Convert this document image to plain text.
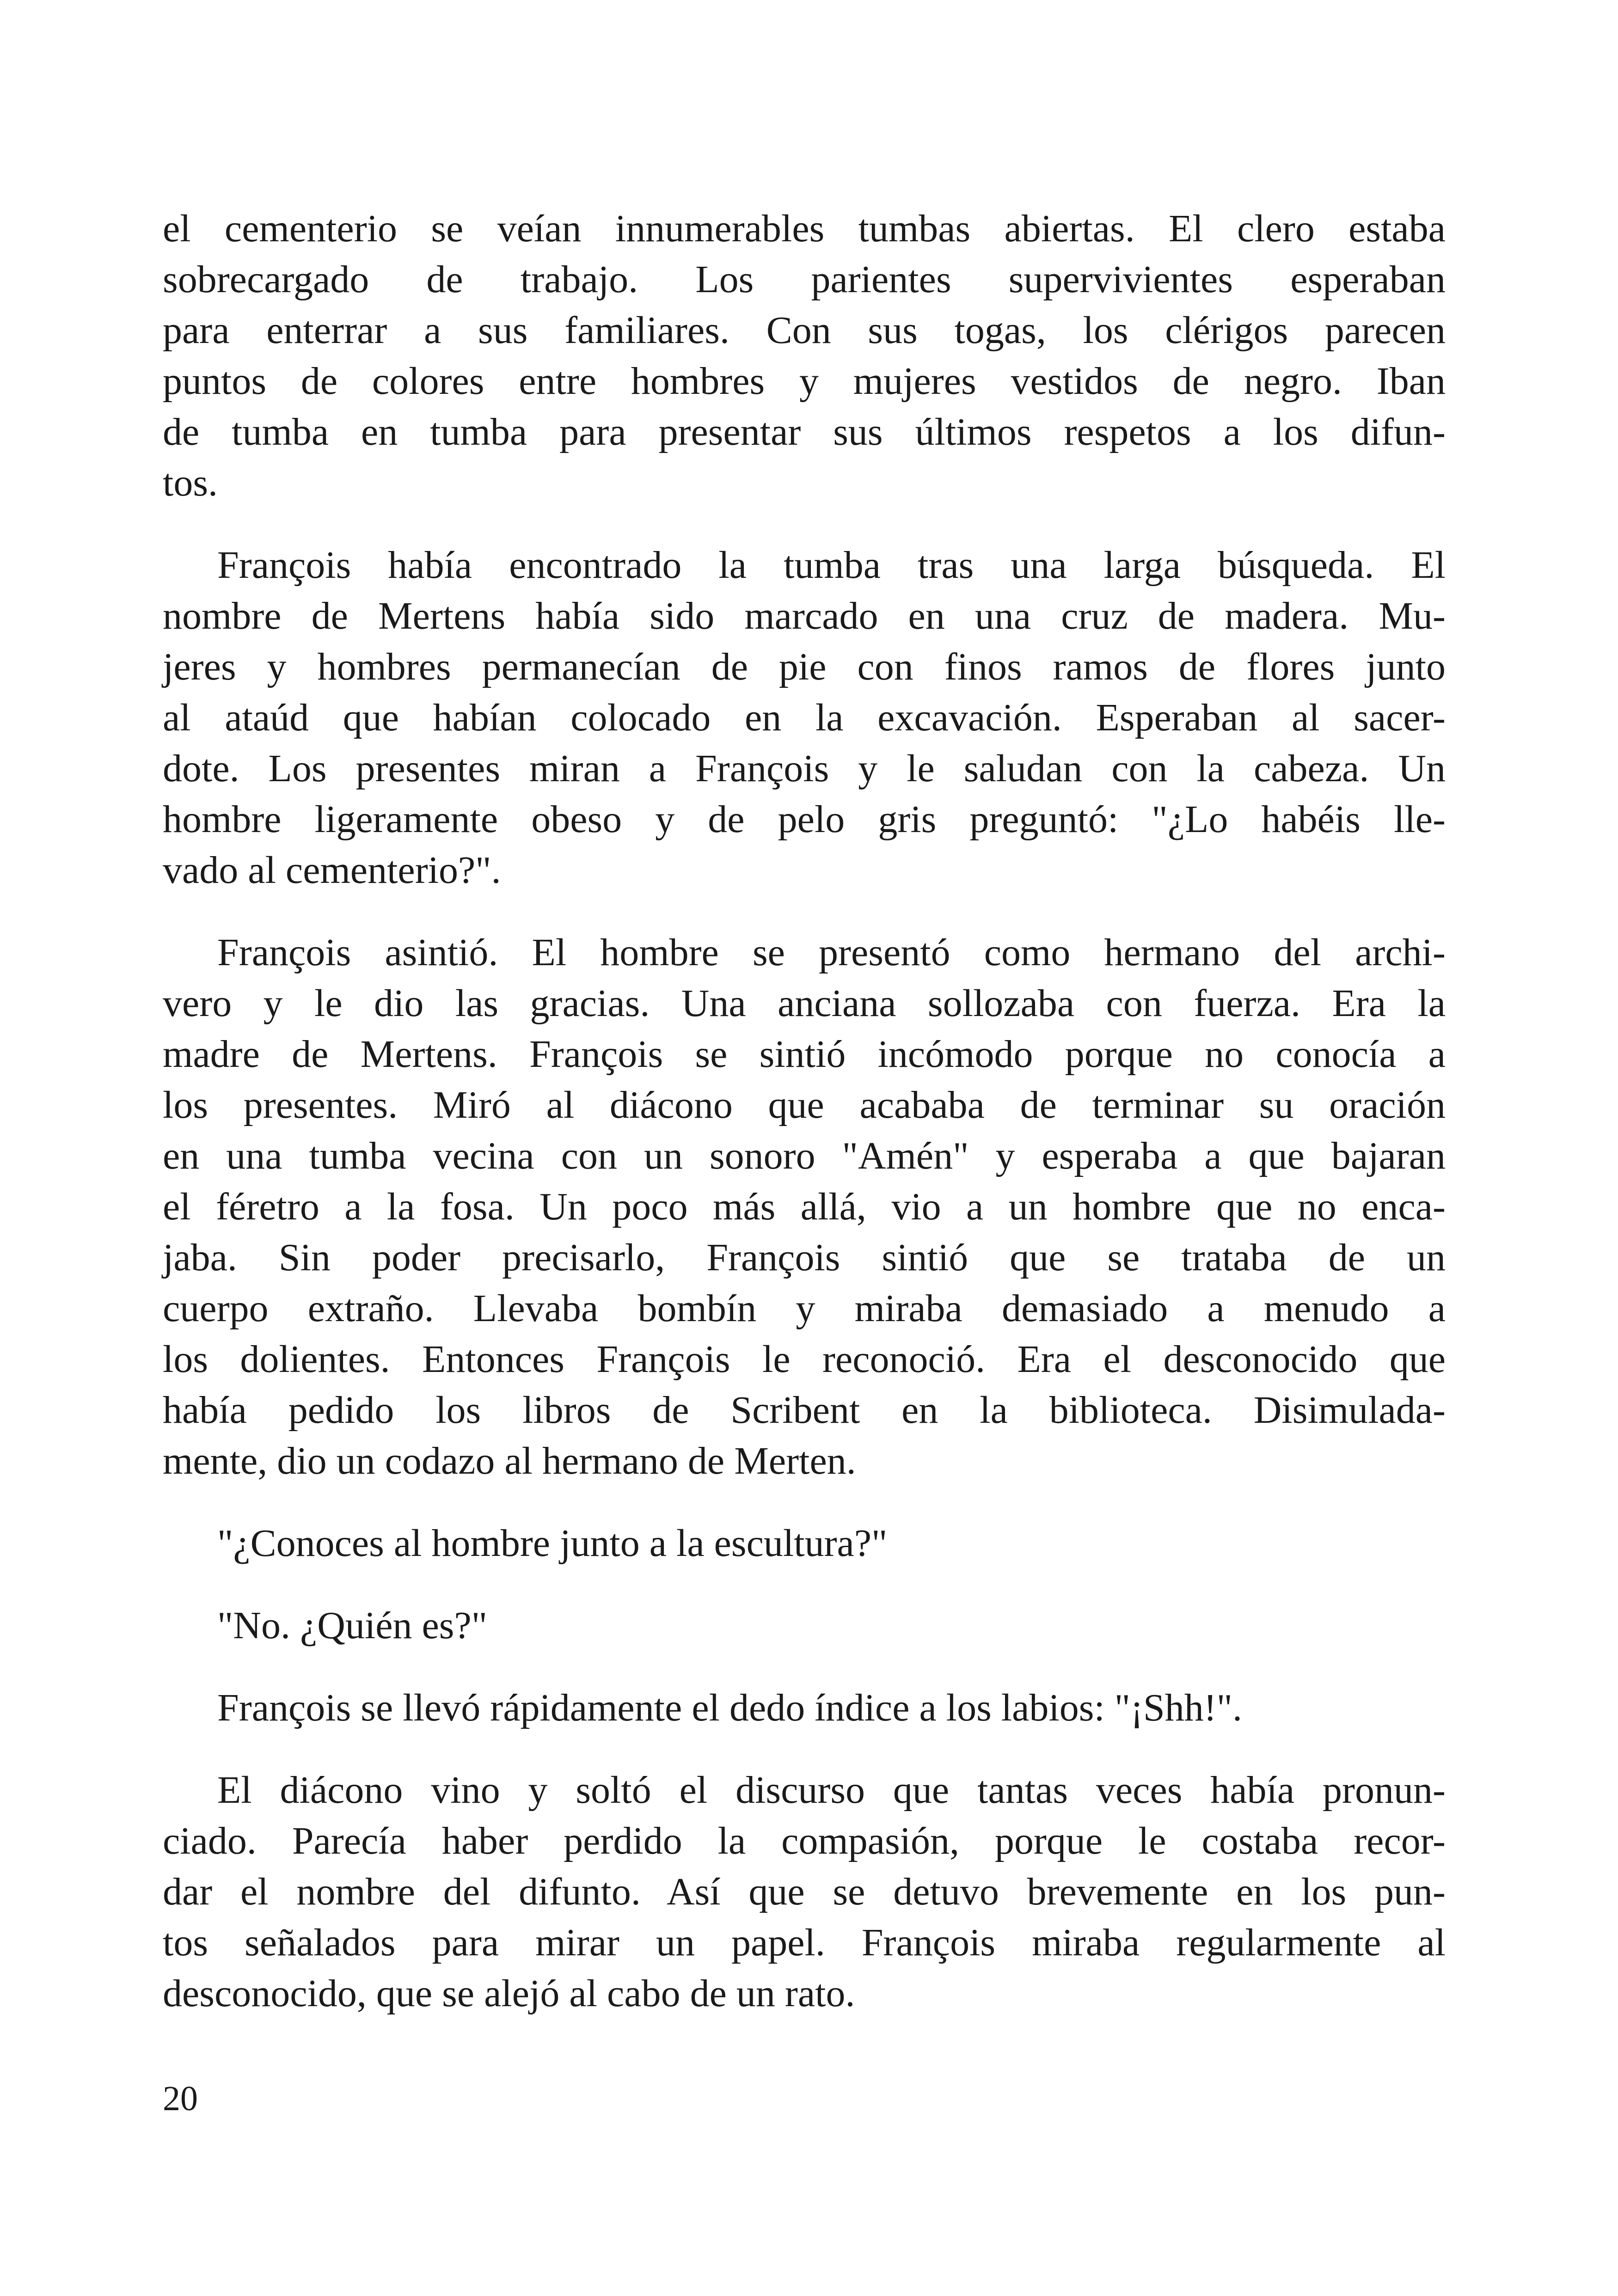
el cementerio se veían innumerables tumbas abiertas. El clero estaba
sobrecargado de trabajo. Los parientes supervivientes esperaban
para enterrar a sus familiares. Con sus togas, los clérigos parecen
puntos de colores entre hombres y mujeres vestidos de negro. Iban
de tumba en tumba para presentar sus últimos respetos a los difun-
tos.

François había encontrado la tumba tras una larga búsqueda. El
nombre de Mertens había sido marcado en una cruz de madera. Mu-
jeres y hombres permanecían de pie con finos ramos de flores junto
al ataúd que habían colocado en la excavación. Esperaban al sacer-
dote. Los presentes miran a François y le saludan con la cabeza. Un
hombre ligeramente obeso y de pelo gris preguntó: "¿Lo habéis lle-
vado al cementerio?".

François asintió. El hombre se presentó como hermano del archi-
vero y le dio las gracias. Una anciana sollozaba con fuerza. Era la
madre de Mertens. François se sintió incómodo porque no conocía a
los presentes. Miró al diácono que acababa de terminar su oración
en una tumba vecina con un sonoro "Amén" y esperaba a que bajaran
el féretro a la fosa. Un poco más allá, vio a un hombre que no enca-
jaba. Sin poder precisarlo, François sintió que se trataba de un
cuerpo extraño. Llevaba bombín y miraba demasiado a menudo a
los dolientes. Entonces François le reconoció. Era el desconocido que
había pedido los libros de Scribent en la biblioteca. Disimulada-
mente, dio un codazo al hermano de Merten.

"¿Conoces al hombre junto a la escultura?"

"No. ¿Quién es?"

François se llevó rápidamente el dedo índice a los labios: "¡Shh!".

El diácono vino y soltó el discurso que tantas veces había pronun-
ciado. Parecía haber perdido la compasión, porque le costaba recor-
dar el nombre del difunto. Así que se detuvo brevemente en los pun-
tos señalados para mirar un papel. François miraba regularmente al
desconocido, que se alejó al cabo de un rato.

20
